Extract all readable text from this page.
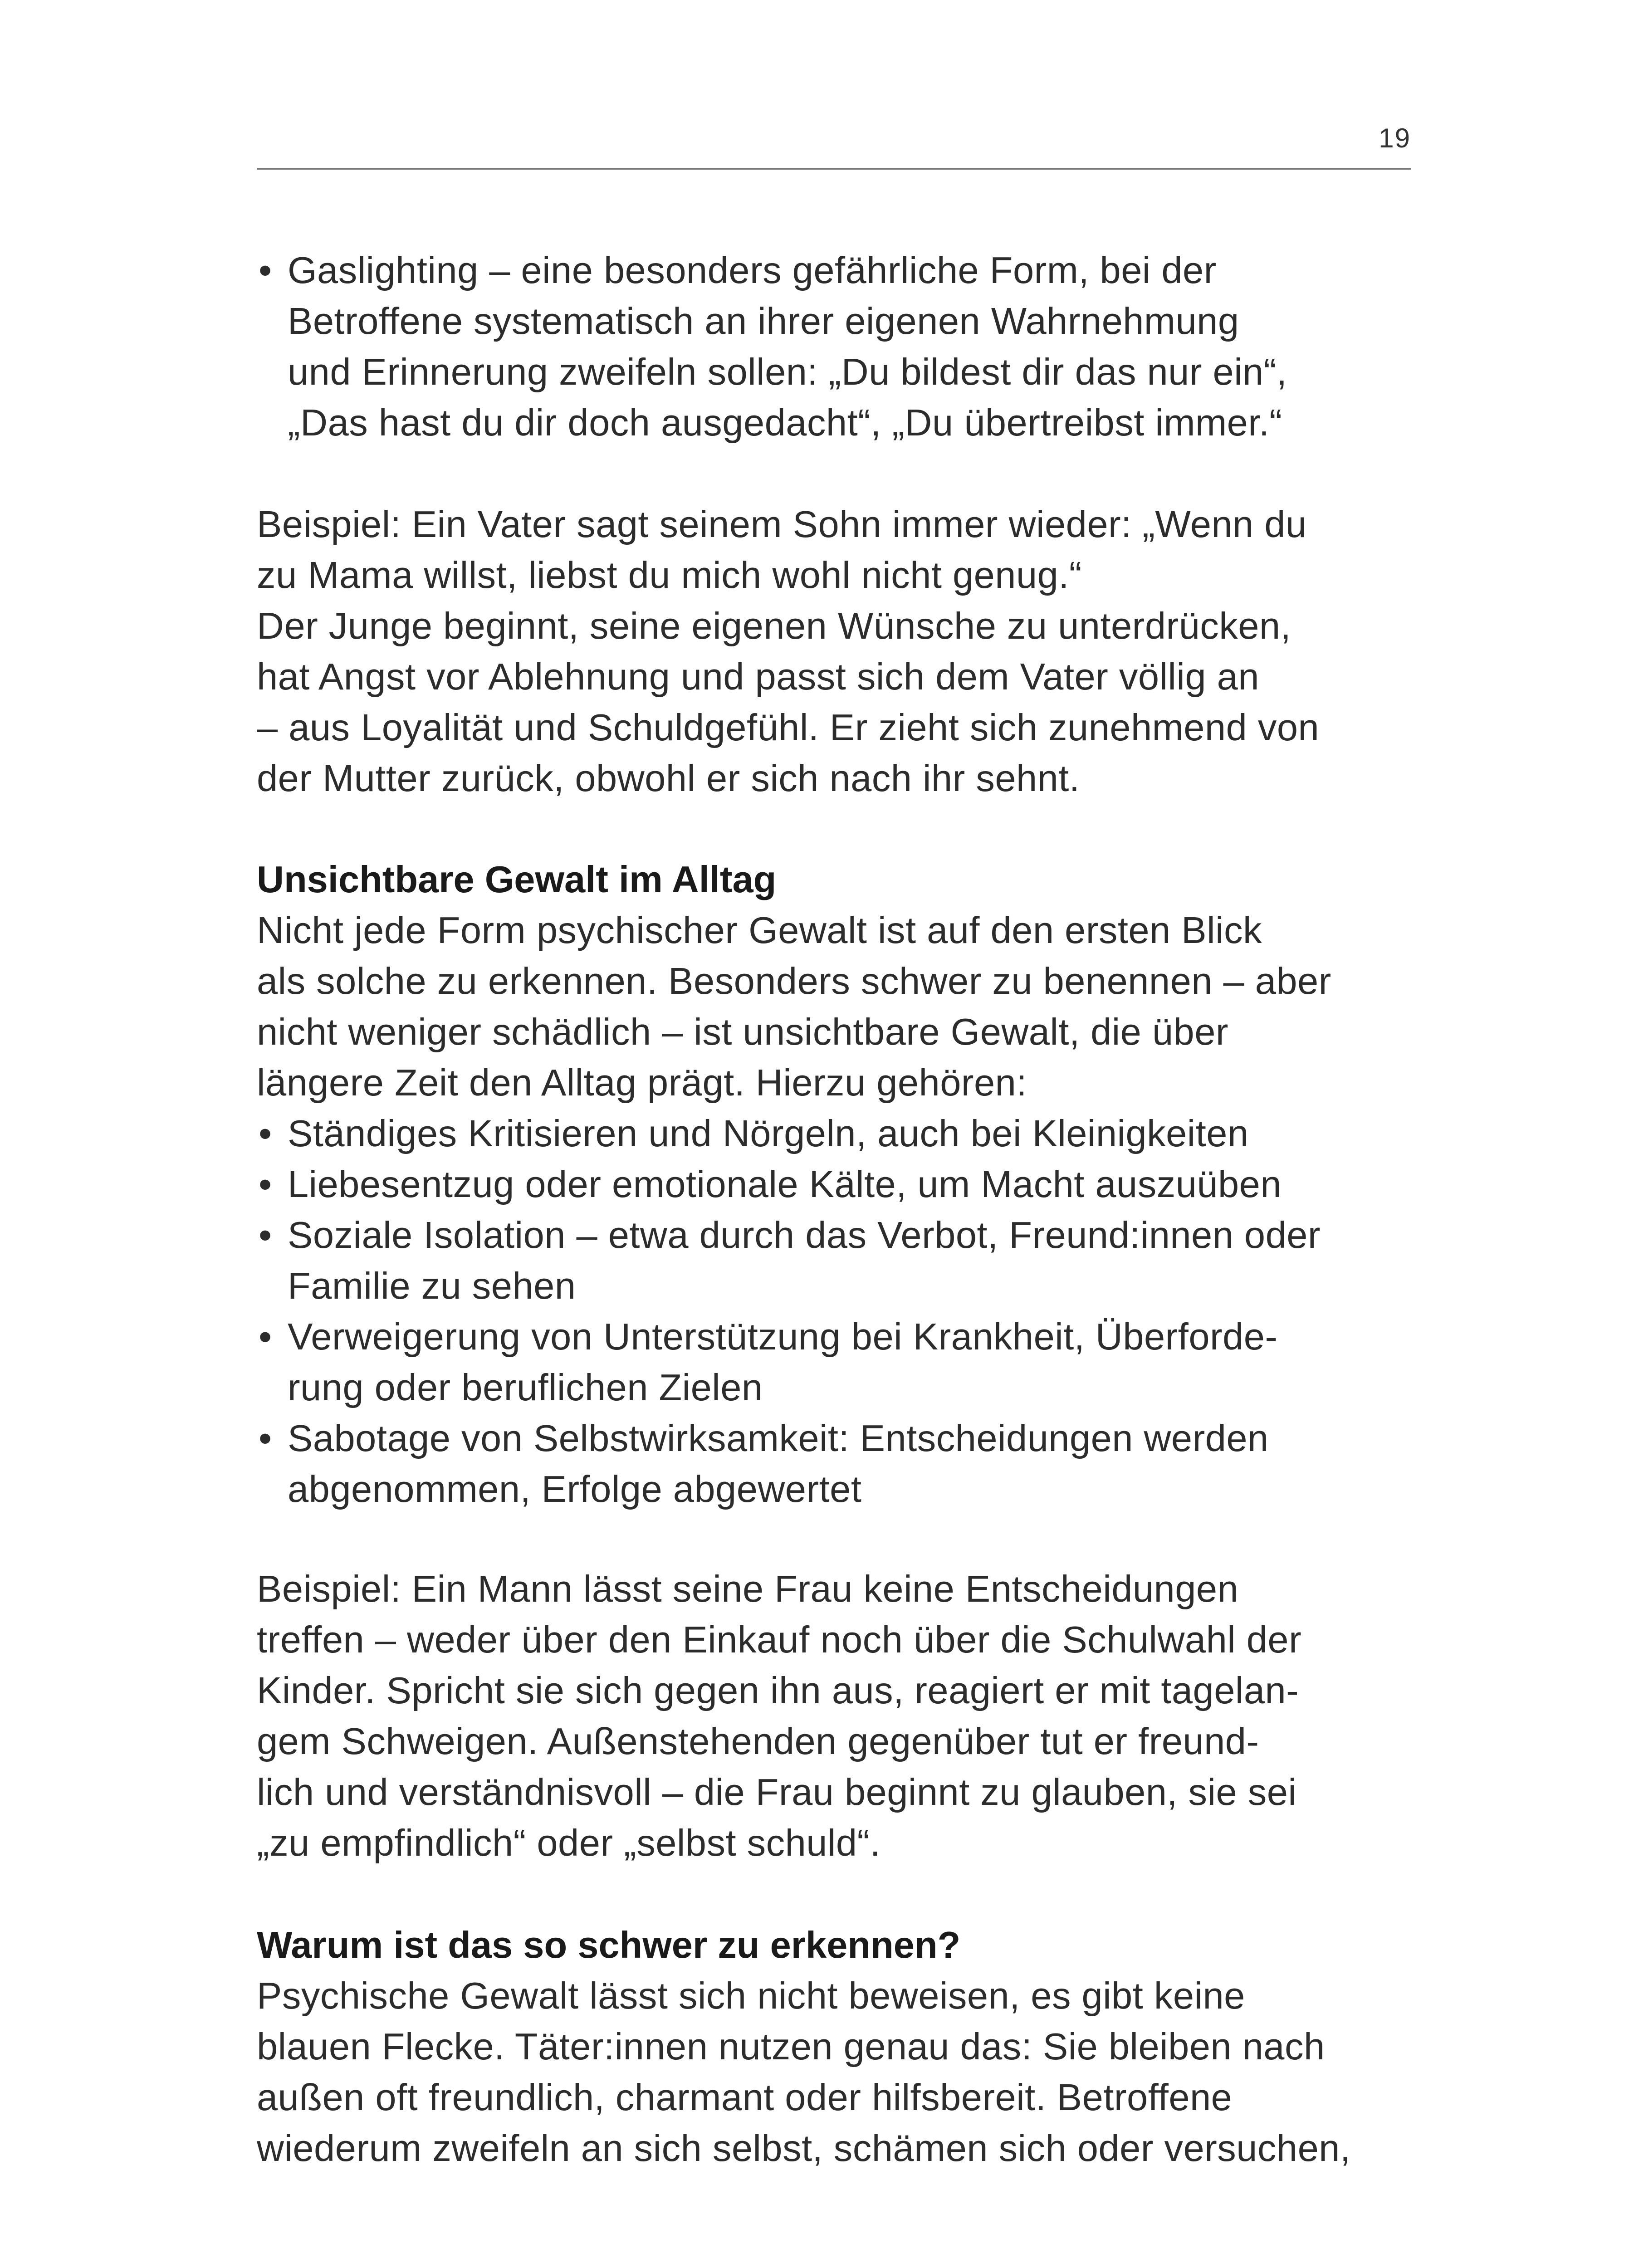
19
• Gaslighting – eine besonders gefährliche Form, bei der
Betroffene systematisch an ihrer eigenen Wahrnehmung
und Erinnerung zweifeln sollen: „Du bildest dir das nur ein“,
„Das hast du dir doch ausgedacht“, „Du übertreibst immer.“
Beispiel: Ein Vater sagt seinem Sohn immer wieder: „Wenn du
zu Mama willst, liebst du mich wohl nicht genug.“
Der Junge beginnt, seine eigenen Wünsche zu unterdrücken,
hat Angst vor Ablehnung und passt sich dem Vater völlig an
– aus Loyalität und Schuldgefühl. Er zieht sich zunehmend von
der Mutter zurück, obwohl er sich nach ihr sehnt.
Unsichtbare Gewalt im Alltag
Nicht jede Form psychischer Gewalt ist auf den ersten Blick
als solche zu erkennen. Besonders schwer zu benennen – aber
nicht weniger schädlich – ist unsichtbare Gewalt, die über
längere Zeit den Alltag prägt. Hierzu gehören:
• Ständiges Kritisieren und Nörgeln, auch bei Kleinigkeiten
• Liebesentzug oder emotionale Kälte, um Macht auszuüben
• Soziale Isolation – etwa durch das Verbot, Freund:innen oder
Familie zu sehen
• Verweigerung von Unterstützung bei Krankheit, Überforde-
rung oder beruflichen Zielen
• Sabotage von Selbstwirksamkeit: Entscheidungen werden
abgenommen, Erfolge abgewertet
Beispiel: Ein Mann lässt seine Frau keine Entscheidungen
treffen – weder über den Einkauf noch über die Schulwahl der
Kinder. Spricht sie sich gegen ihn aus, reagiert er mit tagelan-
gem Schweigen. Außenstehenden gegenüber tut er freund-
lich und verständnisvoll – die Frau beginnt zu glauben, sie sei
„zu empfindlich“ oder „selbst schuld“.
Warum ist das so schwer zu erkennen?
Psychische Gewalt lässt sich nicht beweisen, es gibt keine
blauen Flecke. Täter:innen nutzen genau das: Sie bleiben nach
außen oft freundlich, charmant oder hilfsbereit. Betroffene
wiederum zweifeln an sich selbst, schämen sich oder versuchen,
